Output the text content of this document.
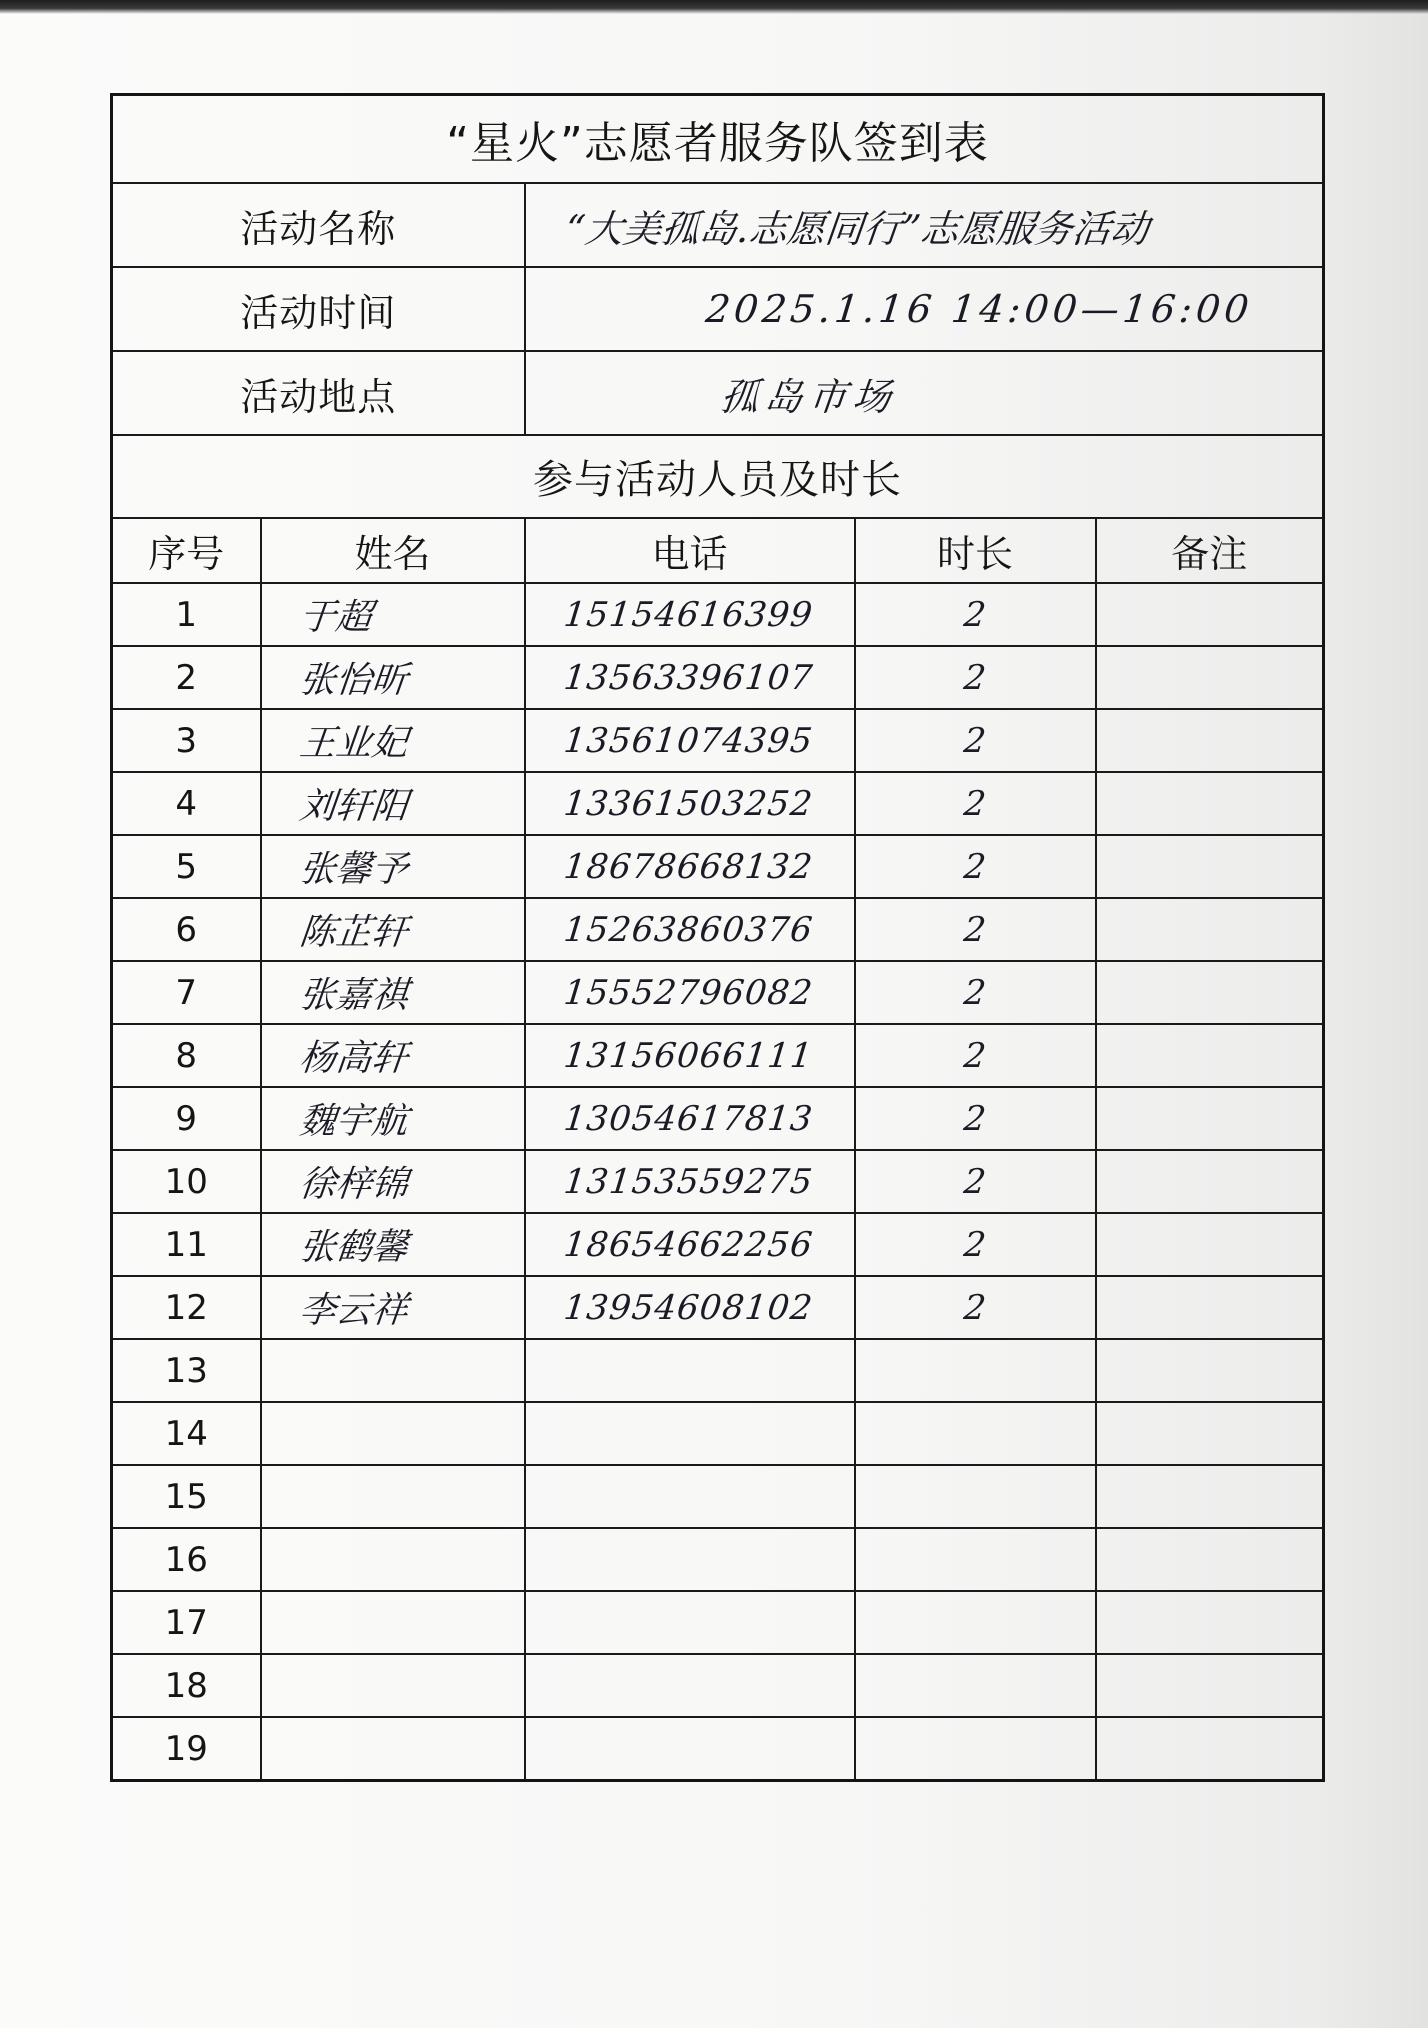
“星火”志愿者服务队签到表				
活动名称		“大美孤岛.志愿同行”志愿服务活动		
活动时间		2025.1.16 14:00—16:00		
活动地点		孤岛市场		
参与活动人员及时长				
序号	姓名	电话	时长	备注
1	于超	15154616399	2	
2	张怡昕	13563396107	2	
3	王业妃	13561074395	2	
4	刘轩阳	13361503252	2	
5	张馨予	18678668132	2	
6	陈芷轩	15263860376	2	
7	张嘉祺	15552796082	2	
8	杨高轩	13156066111	2	
9	魏宇航	13054617813	2	
10	徐梓锦	13153559275	2	
11	张鹤馨	18654662256	2	
12	李云祥	13954608102	2	
13				
14				
15				
16				
17				
18				
19				
